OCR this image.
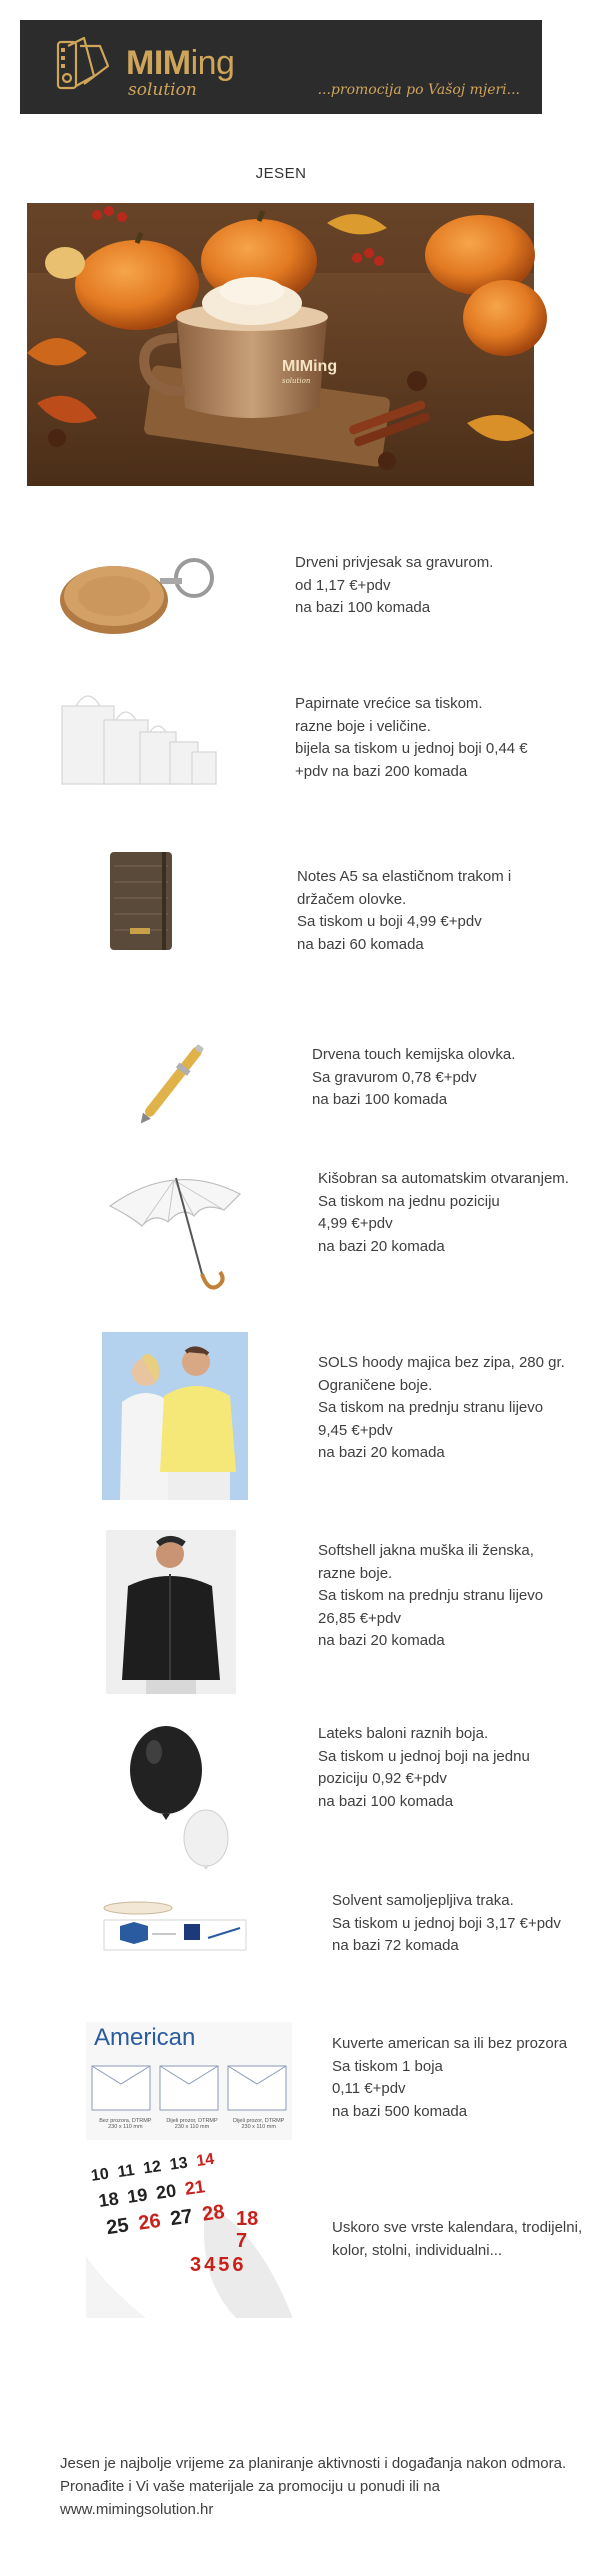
MIMing
solution	...promocija po Vašoj mjeri...
JESEN
MIMing
solution
Drveni privjesak sa gravurom.
od 1,17 €+pdv
na bazi 100 komada
Papirnate vrećice sa tiskom.
razne boje i veličine.
bijela sa tiskom u jednoj boji 0,44 €
+pdv na bazi 200 komada
Notes A5 sa elastičnom trakom i
držačem olovke.
Sa tiskom u boji 4,99 €+pdv
na bazi 60 komada
Drvena touch kemijska olovka.
Sa gravurom 0,78 €+pdv
na bazi 100 komada
Kišobran sa automatskim otvaranjem.
Sa tiskom na jednu poziciju
4,99 €+pdv
na bazi 20 komada
SOLS hoody majica bez zipa, 280 gr.
Ograničene boje.
Sa tiskom na prednju stranu lijevo
9,45 €+pdv
na bazi 20 komada
Softshell jakna muška ili ženska,
razne boje.
Sa tiskom na prednju stranu lijevo
26,85 €+pdv
na bazi 20 komada
Lateks baloni raznih boja.
Sa tiskom u jednoj boji na jednu
poziciju 0,92 €+pdv
na bazi 100 komada
Solvent samoljepljiva traka.
Sa tiskom u jednoj boji 3,17 €+pdv
na bazi 72 komada
American
Bez prozora, DTRMP
230 x 110 mm
Dijeli prozor, DTRMP
230 x 110 mm
Dijeli prozor, DTRMP
230 x 110 mm
Kuverte american sa ili bez prozora
Sa tiskom 1 boja
0,11 €+pdv
na bazi 500 komada
10 11 12 13 14
18 19 20 21
25 26 27 28 18
7
3 4 5 6
Uskoro sve vrste kalendara, trodijelni,
kolor, stolni, individualni...
Jesen je najbolje vrijeme za planiranje aktivnosti i događanja nakon odmora.
Pronađite i Vi vaše materijale za promociju u ponudi ili na
www.mimingsolution.hr
